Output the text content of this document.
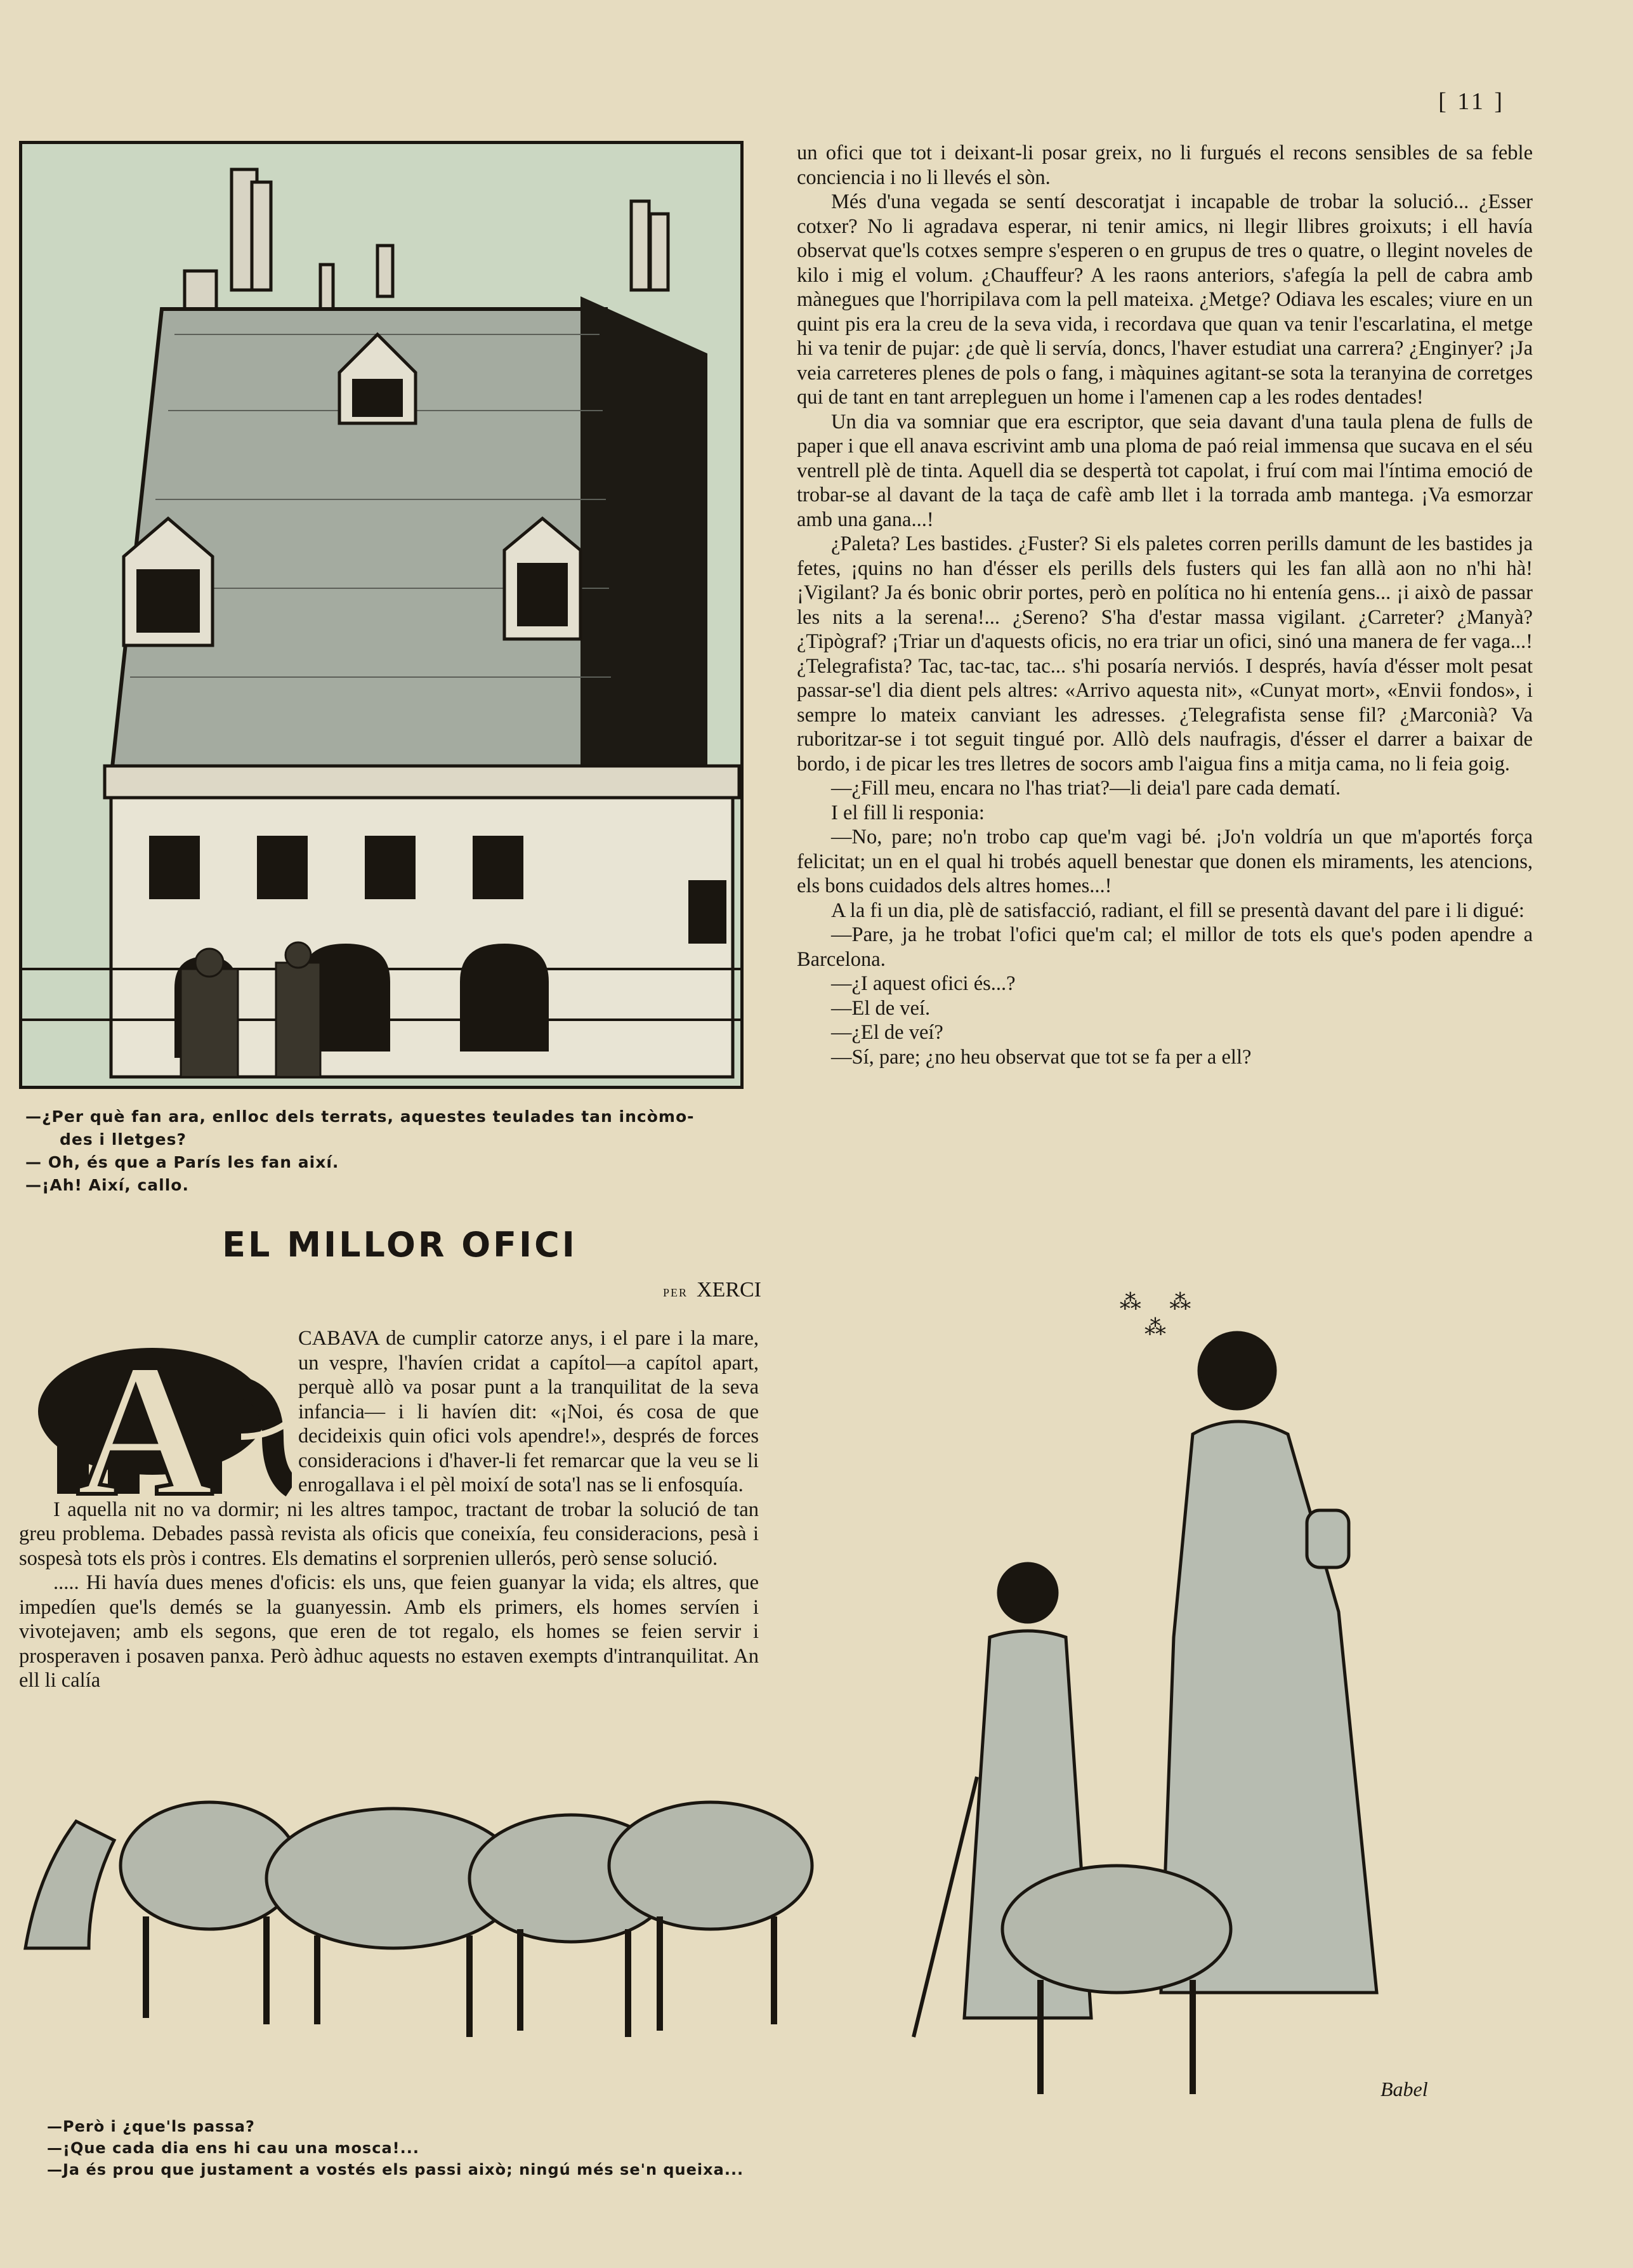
[ 11 ]
—¿Per què fan ara, enlloc dels terrats, aquestes teulades tan incòmo-
des i lletges?
— Oh, és que a París les fan així.
—¡Ah! Així, callo.
EL MILLOR OFICI
PER XERCI
A	CABAVA de cumplir catorze anys, i el pare i la mare, un vespre, l'havíen cridat a capítol—a capítol apart, perquè allò va posar punt a la tranquilitat de la seva infancia— i li havíen dit: «¡Noi, és cosa de que decideixis quin ofici vols apendre!», després de forces consideracions i d'haver-li fet remarcar que la veu se li enrogallava i el pèl moixí de sota'l nas se li enfosquía.

I aquella nit no va dormir; ni les altres tampoc, tractant de trobar la solució de tan greu problema. Debades passà revista als oficis que coneixía, feu consideracions, pesà i sospesà tots els pròs i contres. Els dematins el sorprenien ullerós, però sense solució.

..... Hi havía dues menes d'oficis: els uns, que feien guanyar la vida; els altres, que impedíen que'ls demés se la guanyessin. Amb els primers, els homes servíen i vivotejaven; amb els segons, que eren de tot regalo, els homes se feien servir i prosperaven i posaven panxa. Però àdhuc aquests no estaven exempts d'intranquilitat. An ell li calía

un ofici que tot i deixant-li posar greix, no li furgués el recons sensibles de sa feble conciencia i no li llevés el sòn.

Més d'una vegada se sentí descoratjat i incapable de trobar la solució... ¿Esser cotxer? No li agradava esperar, ni tenir amics, ni llegir llibres groixuts; i ell havía observat que'ls cotxes sempre s'esperen o en grupus de tres o quatre, o llegint noveles de kilo i mig el volum. ¿Chauffeur? A les raons anteriors, s'afegía la pell de cabra amb mànegues que l'horripilava com la pell mateixa. ¿Metge? Odiava les escales; viure en un quint pis era la creu de la seva vida, i recordava que quan va tenir l'escarlatina, el metge hi va tenir de pujar: ¿de què li servía, doncs, l'haver estudiat una carrera? ¿Enginyer? ¡Ja veia carreteres plenes de pols o fang, i màquines agitant-se sota la teranyina de corretges qui de tant en tant arrepleguen un home i l'amenen cap a les rodes dentades!

Un dia va somniar que era escriptor, que seia davant d'una taula plena de fulls de paper i que ell anava escrivint amb una ploma de paó reial immensa que sucava en el séu ventrell plè de tinta. Aquell dia se despertà tot capolat, i fruí com mai l'íntima emoció de trobar-se al davant de la taça de cafè amb llet i la torrada amb mantega. ¡Va esmorzar amb una gana...!

¿Paleta? Les bastides. ¿Fuster? Si els paletes corren perills damunt de les bastides ja fetes, ¡quins no han d'ésser els perills dels fusters qui les fan allà aon no n'hi hà! ¡Vigilant? Ja és bonic obrir portes, però en política no hi entenía gens... ¡i això de passar les nits a la serena!... ¿Sereno? S'ha d'estar massa vigilant. ¿Carreter? ¿Manyà? ¿Tipògraf? ¡Triar un d'aquests oficis, no era triar un ofici, sinó una manera de fer vaga...! ¿Telegrafista? Tac, tac-tac, tac... s'hi posaría nerviós. I després, havía d'ésser molt pesat passar-se'l dia dient pels altres: «Arrivo aquesta nit», «Cunyat mort», «Envii fondos», i sempre lo mateix canviant les adresses. ¿Telegrafista sense fil? ¿Marconià? Va ruboritzar-se i tot seguit tingué por. Allò dels naufragis, d'ésser el darrer a baixar de bordo, i de picar les tres lletres de socors amb l'aigua fins a mitja cama, no li feia goig.

—¿Fill meu, encara no l'has triat?—li deia'l pare cada dematí.

I el fill li responia:

—No, pare; no'n trobo cap que'm vagi bé. ¡Jo'n voldría un que m'aportés força felicitat; un en el qual hi trobés aquell benestar que donen els miraments, les atencions, els bons cuidados dels altres homes...!

A la fi un dia, plè de satisfacció, radiant, el fill se presentà davant del pare i li digué:

—Pare, ja he trobat l'ofici que'm cal; el millor de tots els que's poden apendre a Barcelona.

—¿I aquest ofici és...?

—El de veí.

—¿El de veí?

—Sí, pare; ¿no heu observat que tot se fa per a ell?

⁂ ⁂ ⁂
Babel
—Però i ¿que'ls passa?
—¡Que cada dia ens hi cau una mosca!...
—Ja és prou que justament a vostés els passi això; ningú més se'n queixa...
